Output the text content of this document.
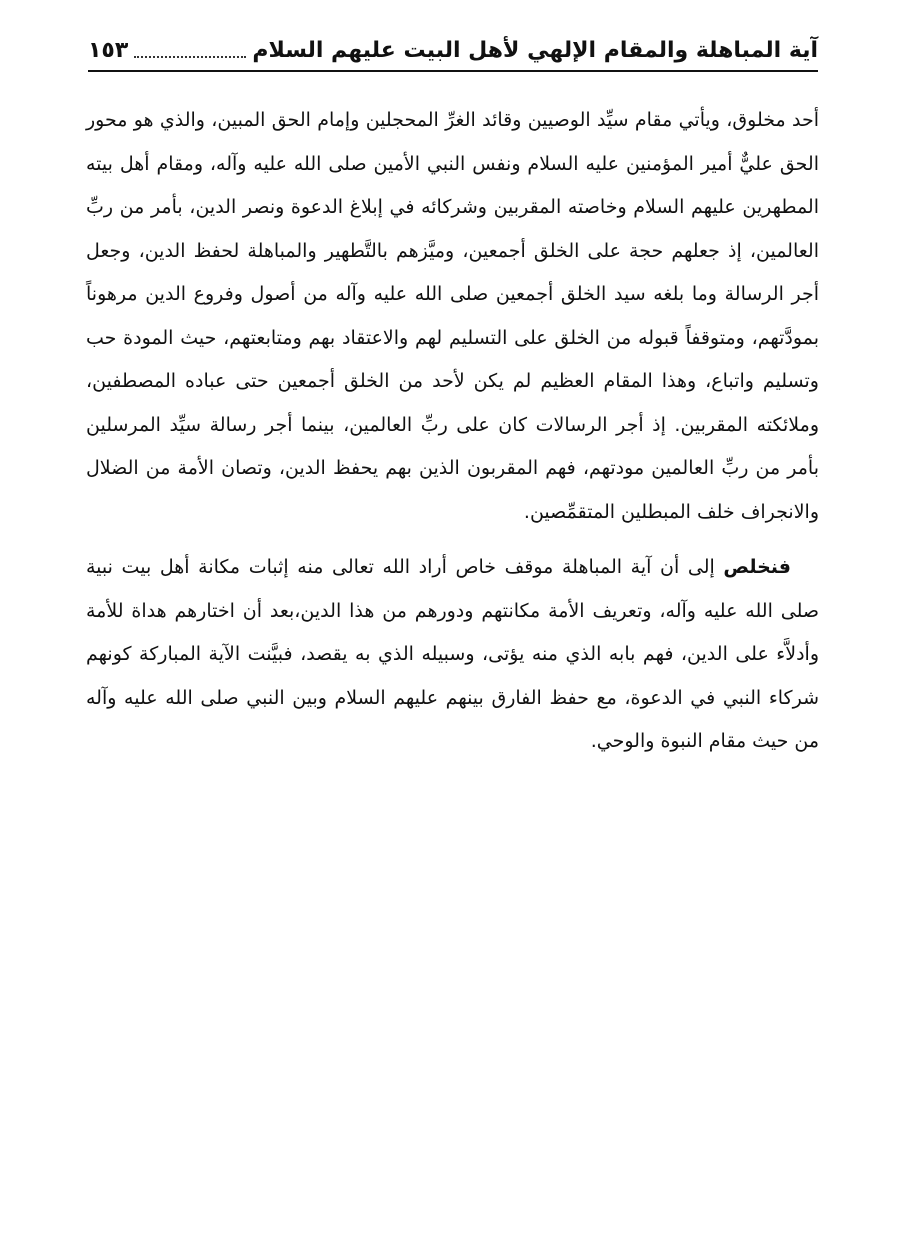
آية المباهلة والمقام الإلهي لأهل البيت عليهم السلام
١٥٣

أحد مخلوق، ويأتي مقام سيِّد الوصيين وقائد الغرِّ المحجلين وإمام الحق المبين، والذي هو محور الحق عليٌّ أمير المؤمنين عليه السلام ونفس النبي الأمين صلى الله عليه وآله، ومقام أهل بيته المطهرين عليهم السلام وخاصته المقربين وشركائه في إبلاغ الدعوة ونصر الدين، بأمر من ربِّ العالمين، إذ جعلهم حجة على الخلق أجمعين، وميَّزهم بالتَّطهير والمباهلة لحفظ الدين، وجعل أجر الرسالة وما بلغه سيد الخلق أجمعين صلى الله عليه وآله من أصول وفروع الدين مرهوناً بمودَّتهم، ومتوقفاً قبوله من الخلق على التسليم لهم والاعتقاد بهم ومتابعتهم، حيث المودة حب وتسليم واتباع، وهذا المقام العظيم لم يكن لأحد من الخلق أجمعين حتى عباده المصطفين، وملائكته المقربين. إذ أجر الرسالات كان على ربِّ العالمين، بينما أجر رسالة سيِّد المرسلين بأمر من ربِّ العالمين مودتهم، فهم المقربون الذين بهم يحفظ الدين، وتصان الأمة من الضلال والانجراف خلف المبطلين المتقمِّصين.

فنخلص إلى أن آية المباهلة موقف خاص أراد الله تعالى منه إثبات مكانة أهل بيت نبية صلى الله عليه وآله، وتعريف الأمة مكانتهم ودورهم من هذا الدين،بعد أن اختارهم هداة للأمة وأدلاَّء على الدين، فهم بابه الذي منه يؤتى، وسبيله الذي به يقصد، فبيَّنت الآية المباركة كونهم شركاء النبي في الدعوة، مع حفظ الفارق بينهم عليهم السلام وبين النبي صلى الله عليه وآله من حيث مقام النبوة والوحي.
